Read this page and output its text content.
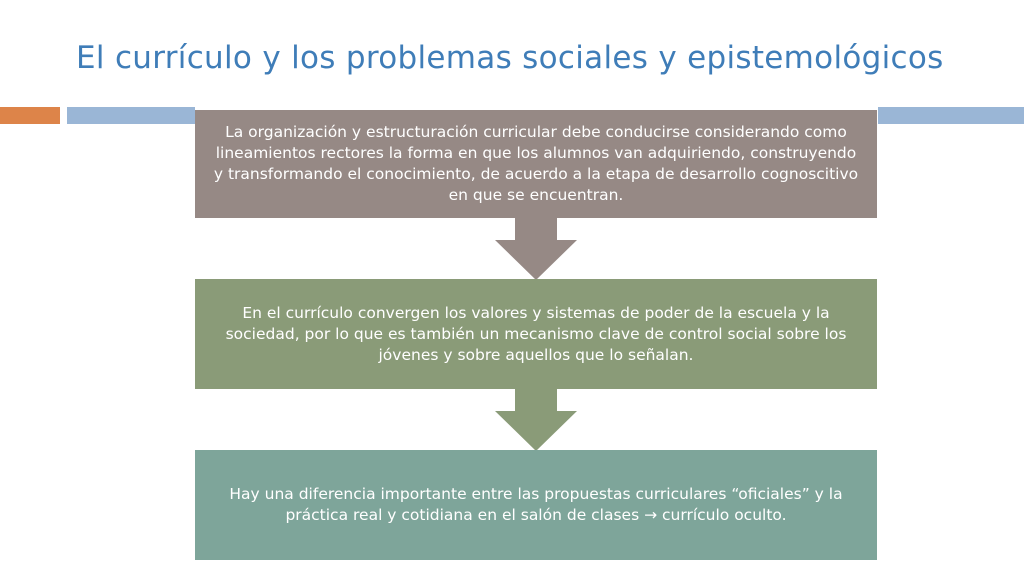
El currículo y los problemas sociales y epistemológicos
La organización y estructuración curricular debe conducirse considerando como lineamientos rectores la forma en que los alumnos van adquiriendo, construyendo y transformando el conocimiento, de acuerdo a la etapa de desarrollo cognoscitivo en que se encuentran.
En el currículo convergen los valores y sistemas de poder de la escuela y la sociedad, por lo que es también un mecanismo clave de control social sobre los jóvenes y sobre aquellos que lo señalan.
Hay una diferencia importante entre las propuestas curriculares “oficiales” y la práctica real y cotidiana en el salón de clases → currículo oculto.
